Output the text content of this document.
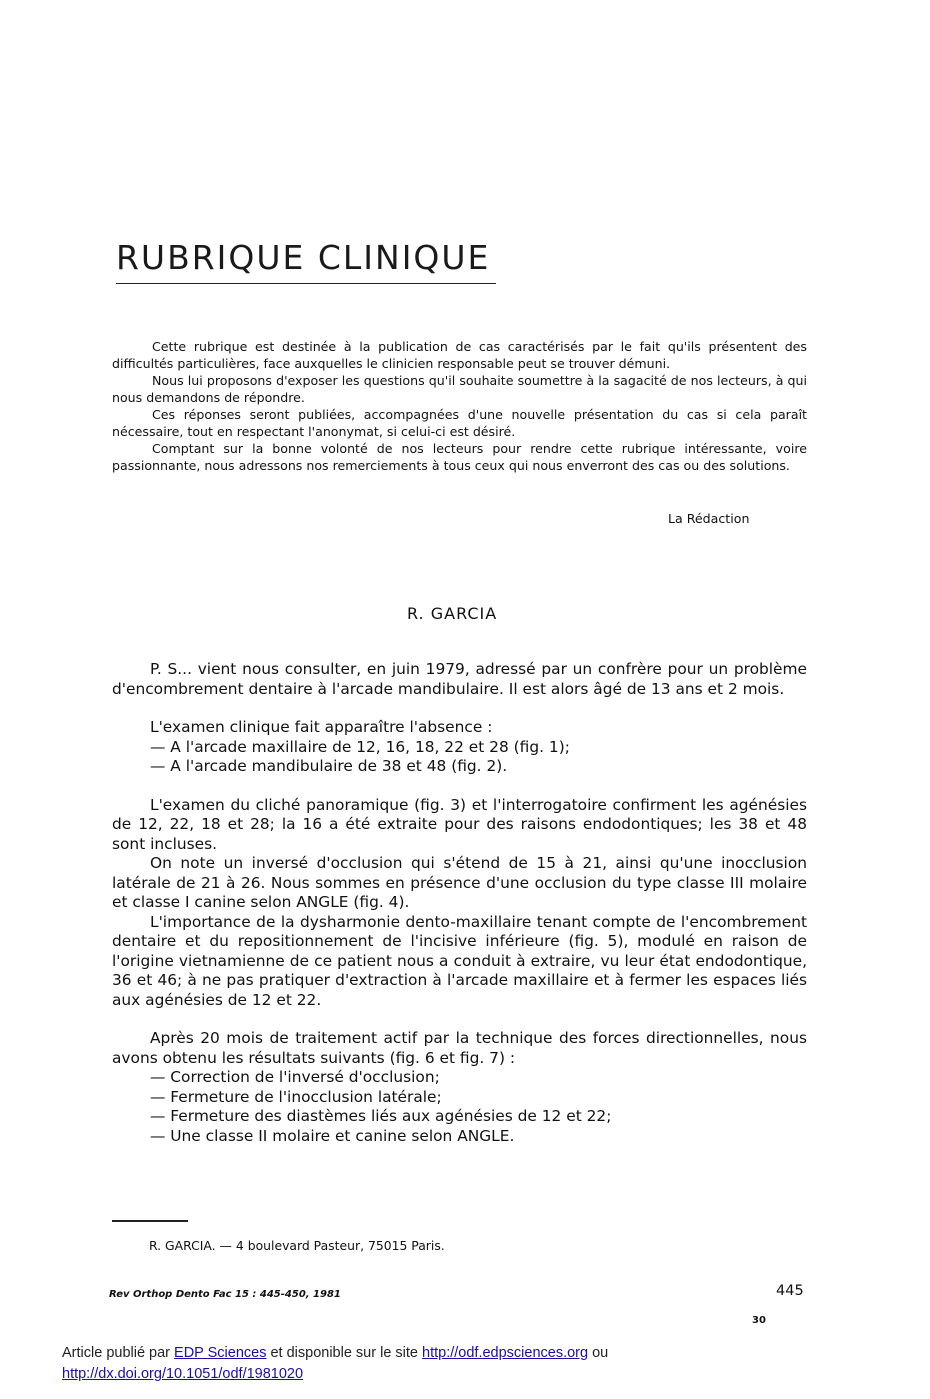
RUBRIQUE CLINIQUE

Cette rubrique est destinée à la publication de cas caractérisés par le fait qu'ils présentent des difficultés particulières, face auxquelles le clinicien responsable peut se trouver démuni.

Nous lui proposons d'exposer les questions qu'il souhaite soumettre à la sagacité de nos lecteurs, à qui nous demandons de répondre.

Ces réponses seront publiées, accompagnées d'une nouvelle présentation du cas si cela paraît nécessaire, tout en respectant l'anonymat, si celui-ci est désiré.

Comptant sur la bonne volonté de nos lecteurs pour rendre cette rubrique intéressante, voire passionnante, nous adressons nos remerciements à tous ceux qui nous enverront des cas ou des solutions.

La Rédaction
R. GARCIA

P. S... vient nous consulter, en juin 1979, adressé par un confrère pour un problème d'encombrement dentaire à l'arcade mandibulaire. Il est alors âgé de 13 ans et 2 mois.

L'examen clinique fait apparaître l'absence :

— A l'arcade maxillaire de 12, 16, 18, 22 et 28 (fig. 1);
— A l'arcade mandibulaire de 38 et 48 (fig. 2).

L'examen du cliché panoramique (fig. 3) et l'interrogatoire confirment les agénésies de 12, 22, 18 et 28; la 16 a été extraite pour des raisons endodontiques; les 38 et 48 sont incluses.

On note un inversé d'occlusion qui s'étend de 15 à 21, ainsi qu'une inocclusion latérale de 21 à 26. Nous sommes en présence d'une occlusion du type classe III molaire et classe I canine selon ANGLE (fig. 4).

L'importance de la dysharmonie dento-maxillaire tenant compte de l'encombrement dentaire et du repositionnement de l'incisive inférieure (fig. 5), modulé en raison de l'origine vietnamienne de ce patient nous a conduit à extraire, vu leur état endodontique, 36 et 46; à ne pas pratiquer d'extraction à l'arcade maxillaire et à fermer les espaces liés aux agénésies de 12 et 22.

Après 20 mois de traitement actif par la technique des forces directionnelles, nous avons obtenu les résultats suivants (fig. 6 et fig. 7) :

— Correction de l'inversé d'occlusion;
— Fermeture de l'inocclusion latérale;
— Fermeture des diastèmes liés aux agénésies de 12 et 22;
— Une classe II molaire et canine selon ANGLE.
R. GARCIA. — 4 boulevard Pasteur, 75015 Paris.
Rev Orthop Dento Fac 15 : 445-450, 1981	445
30
Article publié par EDP Sciences et disponible sur le site http://odf.edpsciences.org ou
http://dx.doi.org/10.1051/odf/1981020
